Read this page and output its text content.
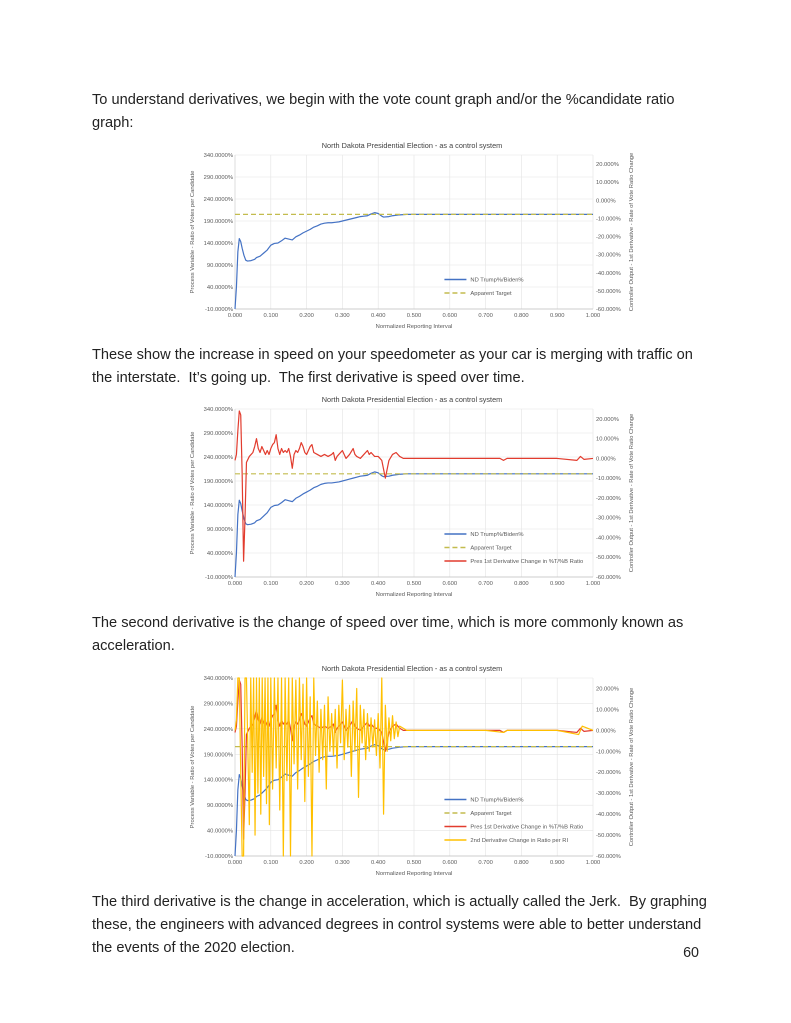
To understand derivatives, we begin with the vote count graph and/or the %candidate ratio graph:

0.000	0.100	0.200	0.300	0.400	0.500	0.600	0.700	0.800	0.900	1.000
-10.0000%
40.0000%
90.0000%
140.0000%
190.0000%
240.0000%
290.0000%
340.0000%
-60.000%
-50.000%
-40.000%
-30.000%
-20.000%
-10.000%
0.000%
10.000%
20.000%
North Dakota Presidential Election - as a control system
Normalized Reporting Interval
Process Variable - Ratio of Votes per Candidate	Controller Output - 1st Derivative - Rate of Vote Ratio Change
ND Trump%/Biden%
Apparent Target

These show the increase in speed on your speedometer as your car is merging with traffic on the interstate.  It’s going up.  The first derivative is speed over time.

0.000	0.100	0.200	0.300	0.400	0.500	0.600	0.700	0.800	0.900	1.000
-10.0000%
40.0000%
90.0000%
140.0000%
190.0000%
240.0000%
290.0000%
340.0000%
-60.000%
-50.000%
-40.000%
-30.000%
-20.000%
-10.000%
0.000%
10.000%
20.000%
North Dakota Presidential Election - as a control system
Normalized Reporting Interval
Process Variable - Ratio of Votes per Candidate	Controller Output - 1st Derivative - Rate of Vote Ratio Change
ND Trump%/Biden%
Apparent Target
Pres 1st Derivative Change in %T/%B Ratio

The second derivative is the change of speed over time, which is more commonly known as acceleration.

0.000	0.100	0.200	0.300	0.400	0.500	0.600	0.700	0.800	0.900	1.000
-10.0000%
40.0000%
90.0000%
140.0000%
190.0000%
240.0000%
290.0000%
340.0000%
-60.000%
-50.000%
-40.000%
-30.000%
-20.000%
-10.000%
0.000%
10.000%
20.000%
North Dakota Presidential Election - as a control system
Normalized Reporting Interval
Process Variable - Ratio of Votes per Candidate	Controller Output - 1st Derivative - Rate of Vote Ratio Change
ND Trump%/Biden%
Apparent Target
Pres 1st Derivative Change in %T/%B Ratio
2nd Derivative Change in Ratio per RI

The third derivative is the change in acceleration, which is actually called the Jerk.  By graphing these, the engineers with advanced degrees in control systems were able to better understand the events of the 2020 election.	60
